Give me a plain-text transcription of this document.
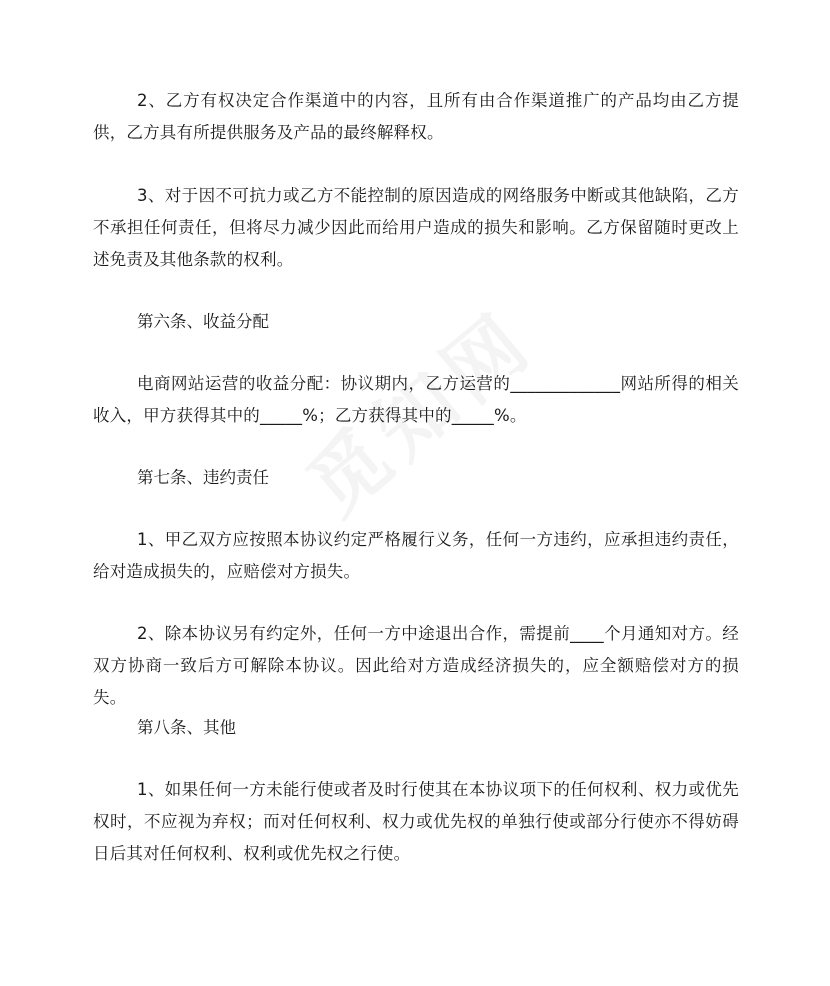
2、乙方有权决定合作渠道中的内容，且所有由合作渠道推广的产品均由乙方提供，乙方具有所提供服务及产品的最终解释权。

3、对于因不可抗力或乙方不能控制的原因造成的网络服务中断或其他缺陷，乙方不承担任何责任，但将尽力减少因此而给用户造成的损失和影响。乙方保留随时更改上述免责及其他条款的权利。

第六条、收益分配

电商网站运营的收益分配：协议期内，乙方运营的_____________网站所得的相关收入，甲方获得其中的_____%；乙方获得其中的_____%。

第七条、违约责任

1、甲乙双方应按照本协议约定严格履行义务，任何一方违约，应承担违约责任，给对造成损失的，应赔偿对方损失。

2、除本协议另有约定外，任何一方中途退出合作，需提前____个月通知对方。经双方协商一致后方可解除本协议。因此给对方造成经济损失的，应全额赔偿对方的损失。

第八条、其他

1、如果任何一方未能行使或者及时行使其在本协议项下的任何权利、权力或优先权时，不应视为弃权；而对任何权利、权力或优先权的单独行使或部分行使亦不得妨碍日后其对任何权利、权利或优先权之行使。
